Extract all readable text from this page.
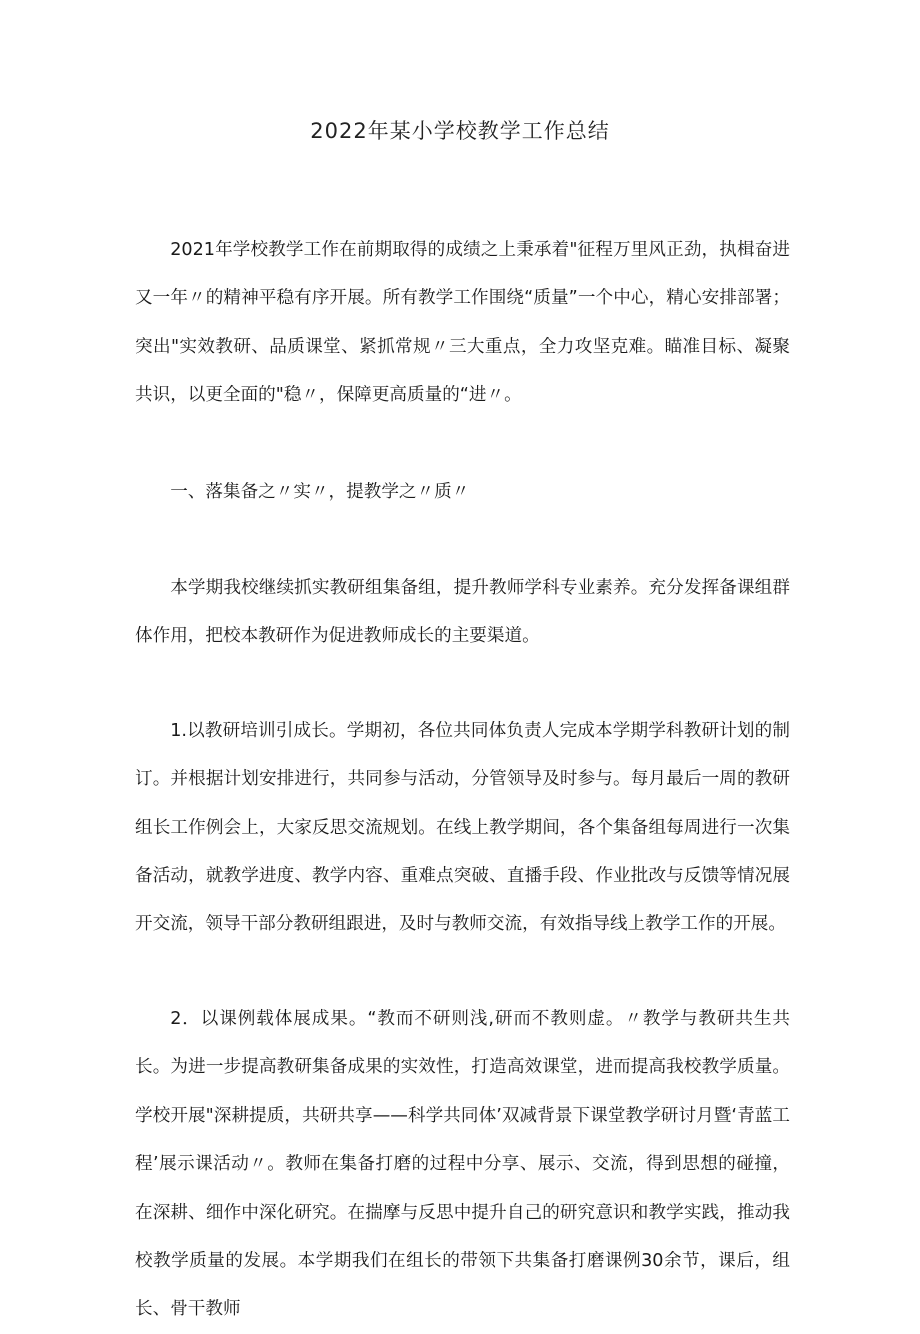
2022年某小学校教学工作总结

2021年学校教学工作在前期取得的成绩之上秉承着"征程万里风正劲，执楫奋进又一年〃的精神平稳有序开展。所有教学工作围绕“质量”一个中心，精心安排部署；突出"实效教研、品质课堂、紧抓常规〃三大重点，全力攻坚克难。瞄准目标、凝聚共识，以更全面的"稳〃，保障更高质量的“进〃。

一、落集备之〃实〃，提教学之〃质〃

本学期我校继续抓实教研组集备组，提升教师学科专业素养。充分发挥备课组群体作用，把校本教研作为促进教师成长的主要渠道。

1.以教研培训引成长。学期初，各位共同体负责人完成本学期学科教研计划的制订。并根据计划安排进行，共同参与活动，分管领导及时参与。每月最后一周的教研组长工作例会上，大家反思交流规划。在线上教学期间，各个集备组每周进行一次集备活动，就教学进度、教学内容、重难点突破、直播手段、作业批改与反馈等情况展开交流，领导干部分教研组跟进，及时与教师交流，有效指导线上教学工作的开展。

2．以课例载体展成果。“教而不研则浅,研而不教则虚。〃教学与教研共生共长。为进一步提高教研集备成果的实效性，打造高效课堂，进而提高我校教学质量。学校开展"深耕提质，共研共享——科学共同体’双减背景下课堂教学研讨月暨‘青蓝工程’展示课活动〃。教师在集备打磨的过程中分享、展示、交流，得到思想的碰撞，在深耕、细作中深化研究。在揣摩与反思中提升自己的研究意识和教学实践，推动我校教学质量的发展。本学期我们在组长的带领下共集备打磨课例30余节，课后，组长、骨干教师
